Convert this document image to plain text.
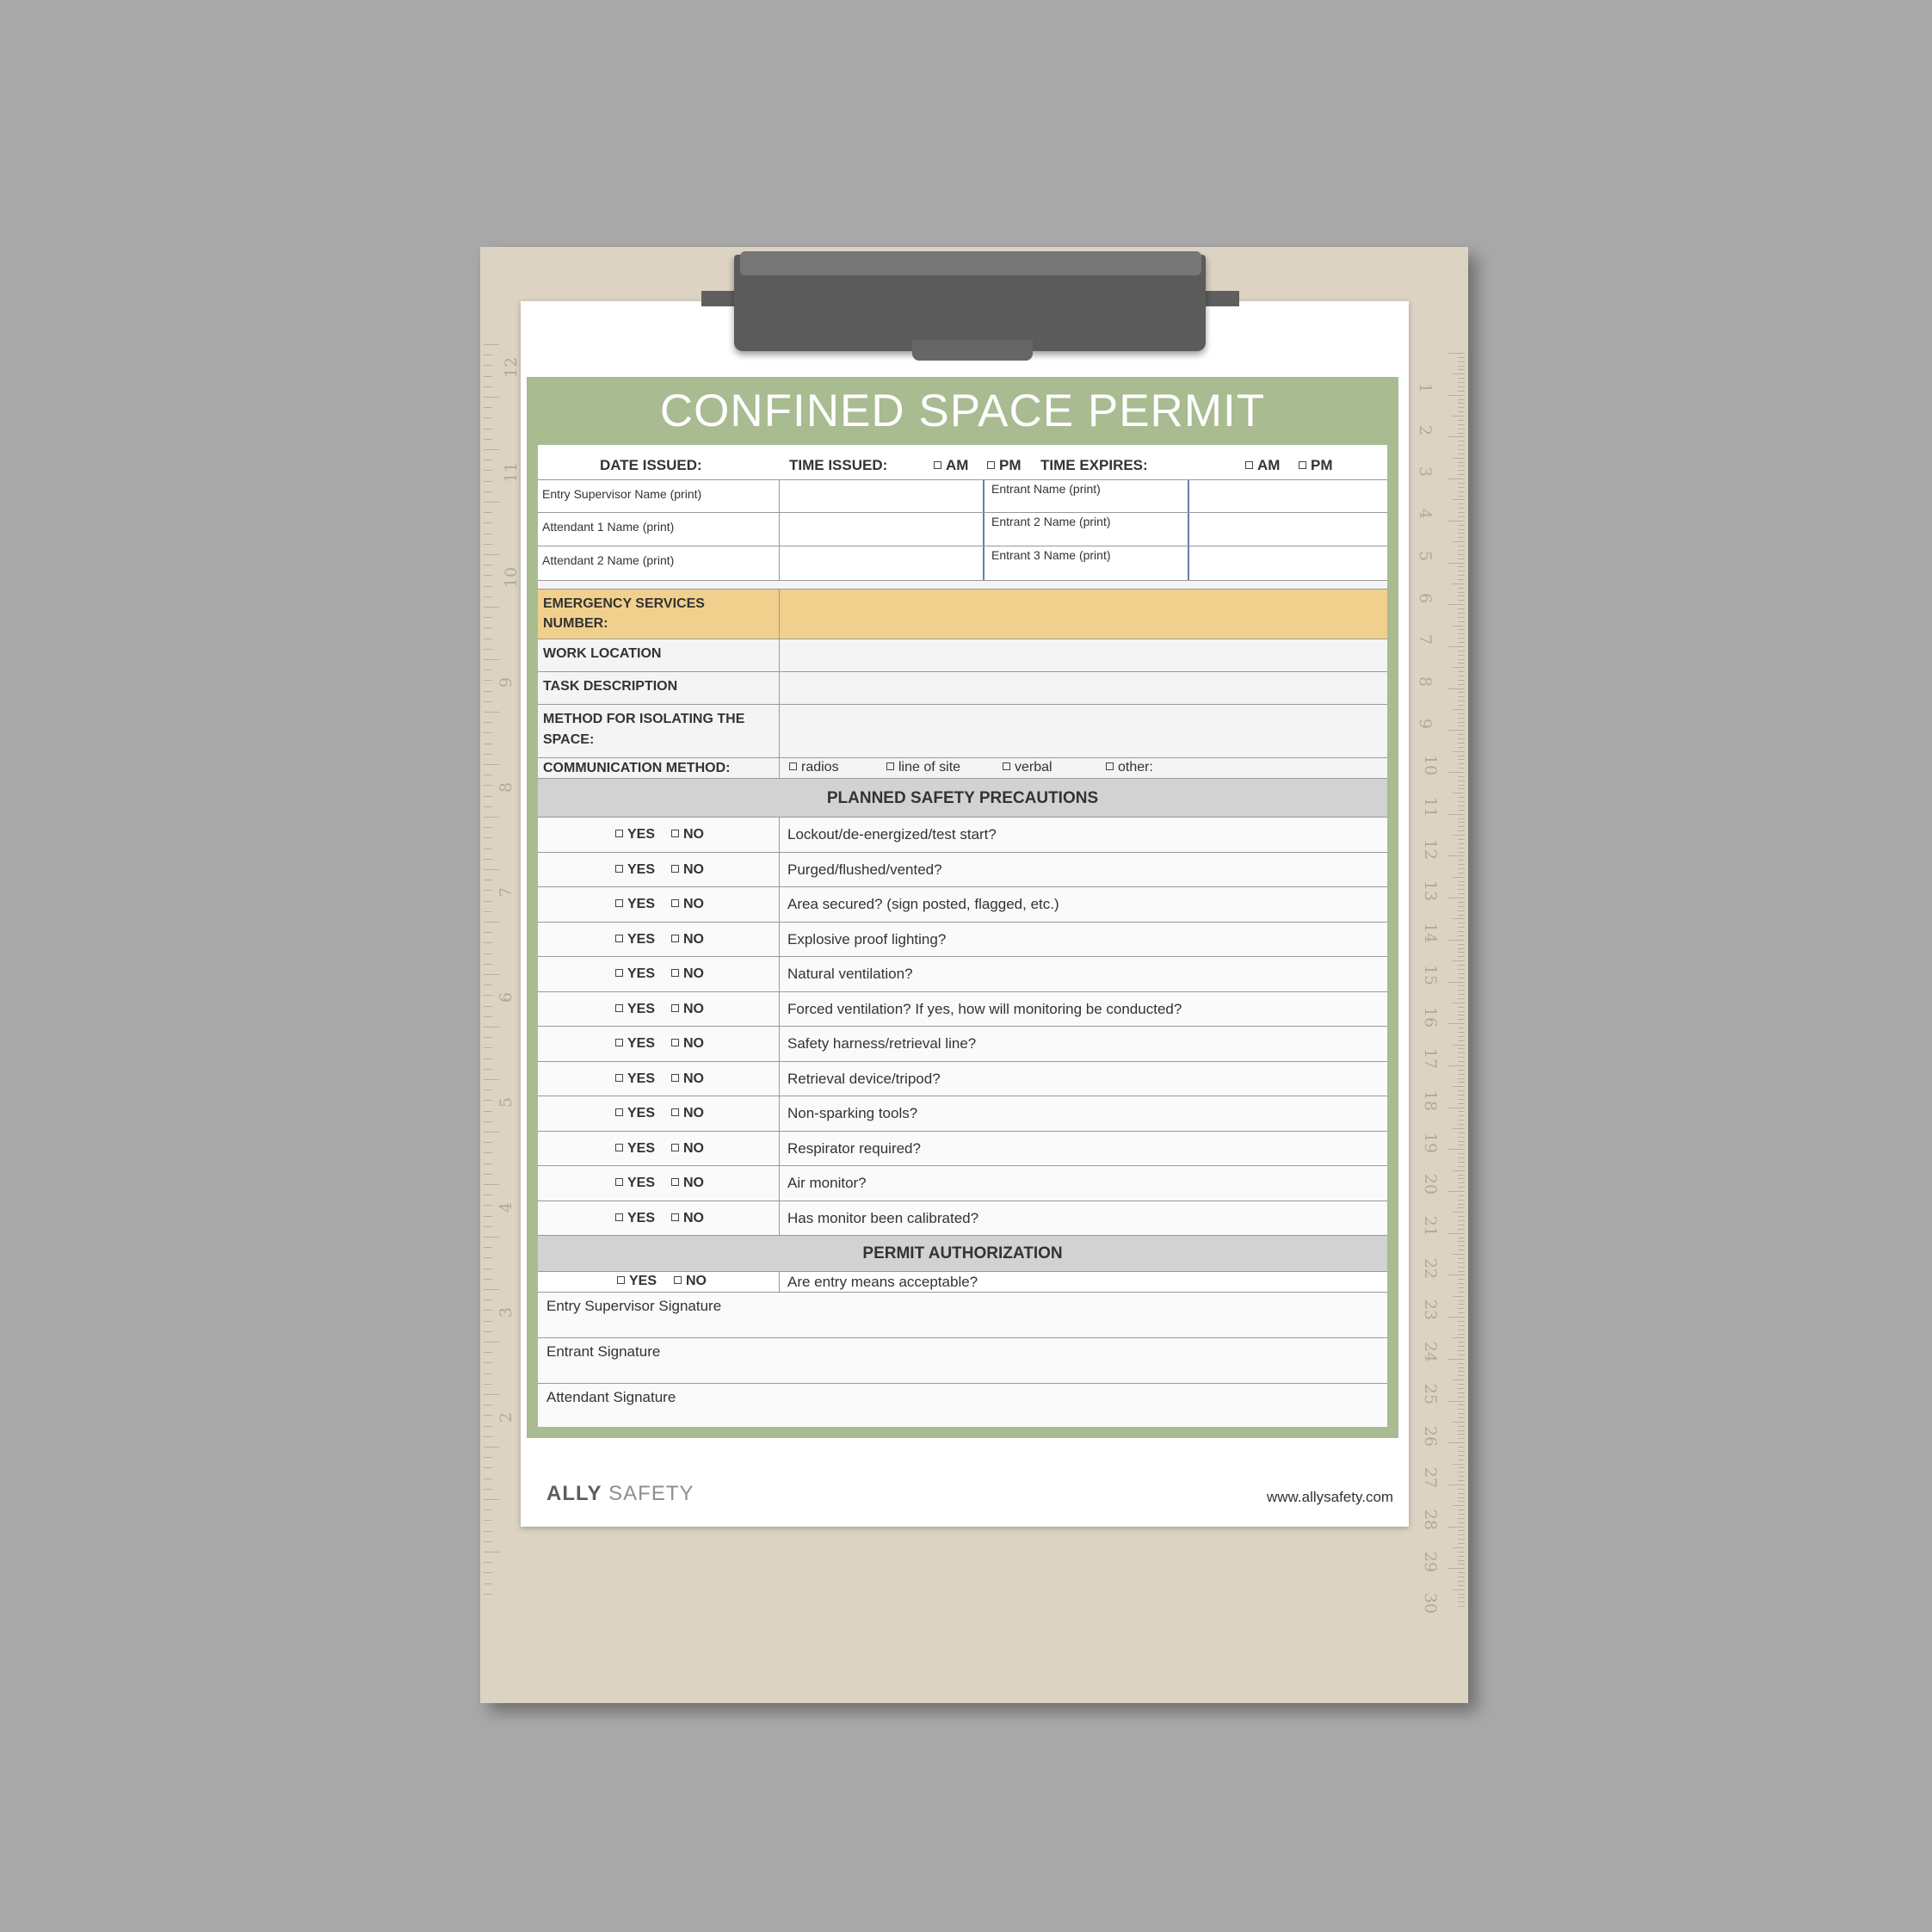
12
11
10
9
8
7
6
5
4
3
2
1
2
3
4
5
6
7
8
9
10
11
12
13
14
15
16
17
18
19
20
21
22
23
24
25
26
27
28
29
30
CONFINED SPACE PERMIT
DATE ISSUED:	TIME ISSUED:	AM	PM TIME EXPIRES:	AM	PM
Entry Supervisor Name (print)	Entrant Name (print)
Attendant 1 Name (print)	Entrant 2 Name (print)
Attendant 2 Name (print)	Entrant 3 Name (print)
EMERGENCY SERVICES
NUMBER:
WORK LOCATION
TASK DESCRIPTION
METHOD FOR ISOLATING THE
SPACE:
COMMUNICATION METHOD:	radios	line of site	verbal	other:
PLANNED SAFETY PRECAUTIONS
YES	NO	Lockout/de-energized/test start?
YES	NO	Purged/flushed/vented?
YES	NO	Area secured? (sign posted, flagged, etc.)
YES	NO	Explosive proof lighting?
YES	NO	Natural ventilation?
YES	NO	Forced ventilation? If yes, how will monitoring be conducted?
YES	NO	Safety harness/retrieval line?
YES	NO	Retrieval device/tripod?
YES	NO	Non-sparking tools?
YES	NO	Respirator required?
YES	NO	Air monitor?
YES	NO	Has monitor been calibrated?
PERMIT AUTHORIZATION
YES	NO	Are entry means acceptable?
Entry Supervisor Signature
Entrant Signature
Attendant Signature
ALLY SAFETY	www.allysafety.com
